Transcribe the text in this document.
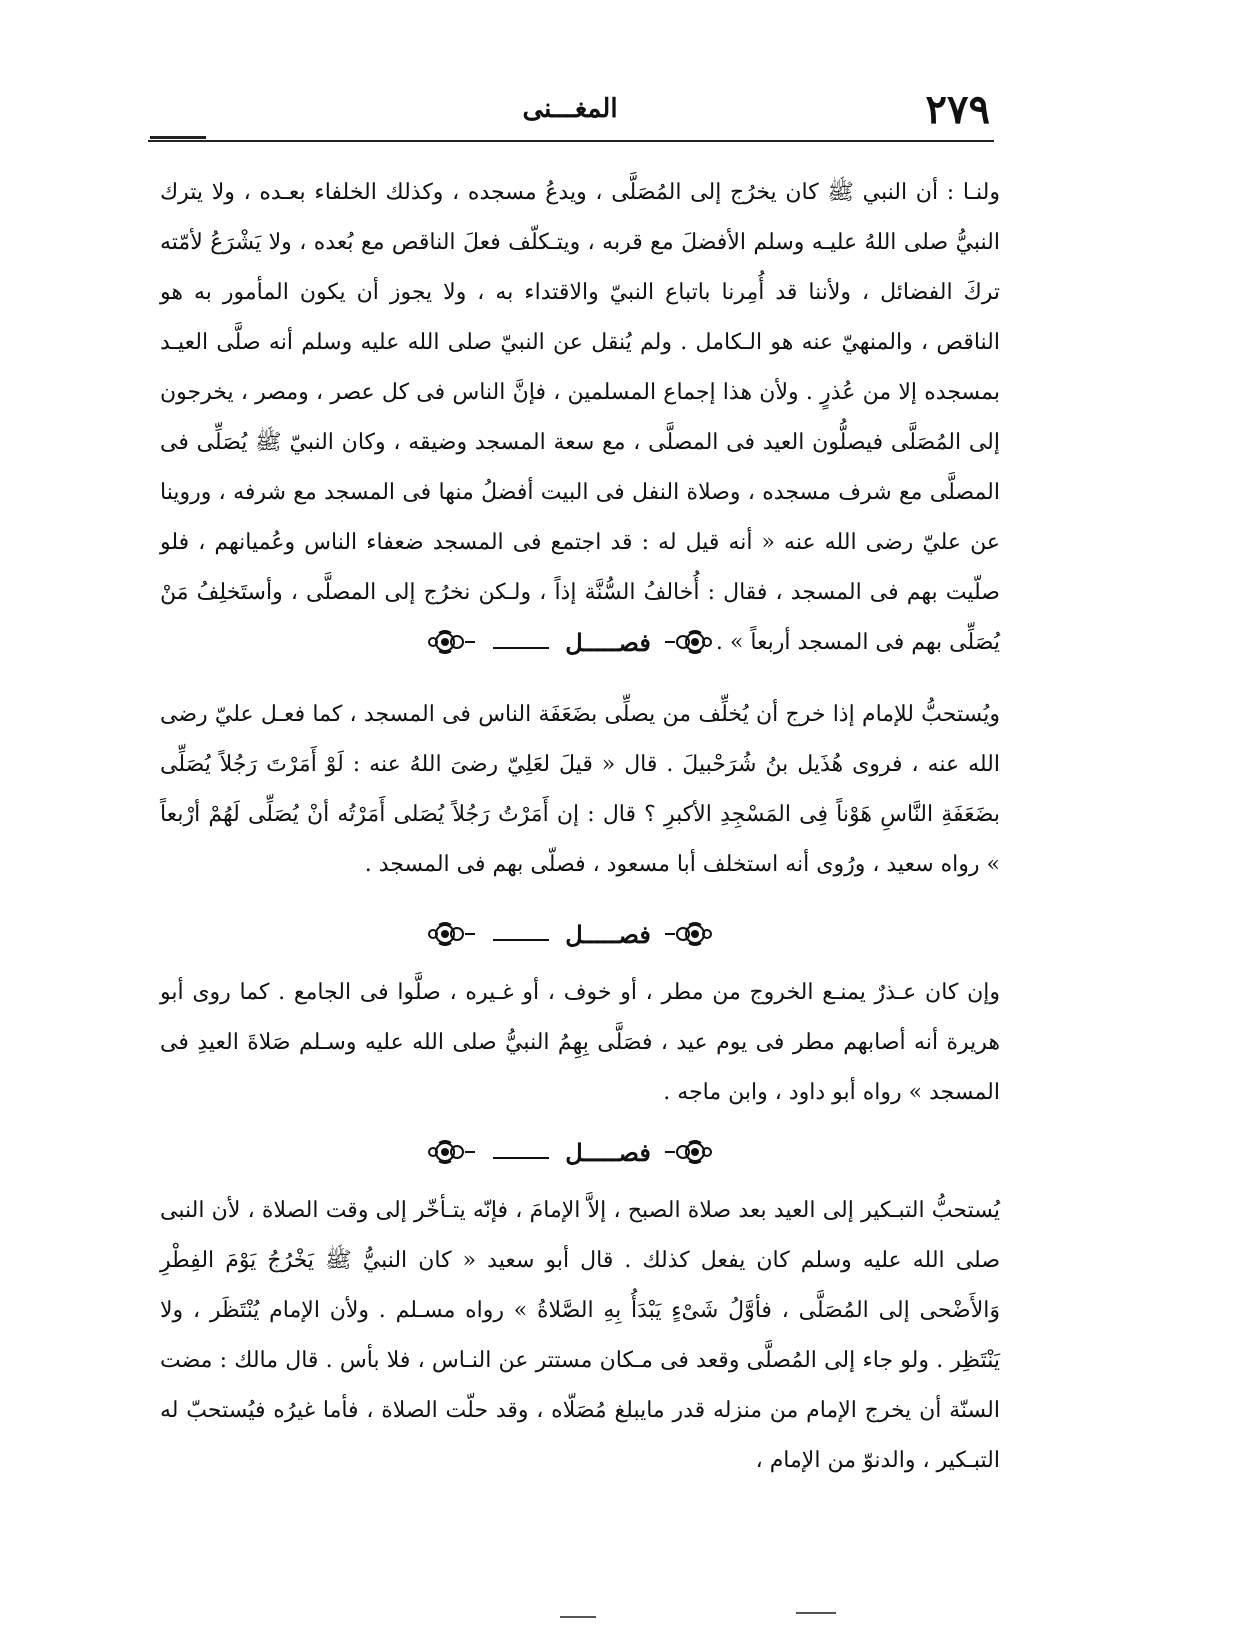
٢٧٩
المغـــنى
ولنـا : أن النبي ﷺ كان يخرُج إلى المُصَلَّى ، ويدعُ مسجده ، وكذلك الخلفاء بعـده ، ولا يترك النبيُّ صلى اللهُ عليـه وسلم الأفضلَ مع قربه ، ويتـكلّف فعلَ الناقص مع بُعده ، ولا يَشْرَعُ لأمّته تركَ الفضائل ، ولأننا قد أُمِرنا باتباع النبيّ والاقتداء به ، ولا يجوز أن يكون المأمور به هو الناقص ، والمنهيّ عنه هو الـكامل . ولم يُنقل عن النبيّ صلى الله عليه وسلم أنه صلَّى العيـد بمسجده إلا من عُذرٍ . ولأن هذا إجماع المسلمين ، فإنَّ الناس فى كل عصر ، ومصر ، يخرجون إلى المُصَلَّى فيصلُّون العيد فى المصلَّى ، مع سعة المسجد وضيقه ، وكان النبيّ ﷺ يُصَلِّى فى المصلَّى مع شرف مسجده ، وصلاة النفل فى البيت أفضلُ منها فى المسجد مع شرفه ، وروينا عن عليّ رضى الله عنه « أنه قيل له : قد اجتمع فى المسجد ضعفاء الناس وعُميانهم ، فلو صلّيت بهم فى المسجد ، فقال : أُخالفُ السُّنَّة إذاً ، ولـكن نخرُج إلى المصلَّى ، وأستَخلِفُ مَنْ يُصَلِّى بهم فى المسجد أربعاً » .
فصـــــل
ويُستحبُّ للإمام إذا خرج أن يُخلِّف من يصلِّى بضَعَفَة الناس فى المسجد ، كما فعـل عليّ رضى الله عنه ، فروى هُذَيل بنُ شُرَحْبيلَ . قال « قيلَ لعَلِيّ رضىَ اللهُ عنه : لَوْ أَمَرْتَ رَجُلاً يُصَلِّى بضَعَفَةِ النَّاسِ هَوْناً فِى المَسْجِدِ الأكبرِ ؟ قال : إن أَمَرْتُ رَجُلاً يُصَلى أَمَرْتُه أنْ يُصَلِّى لَهُمْ أرْبعاً » رواه سعيد ، ورُوى أنه استخلف أبا مسعود ، فصلّى بهم فى المسجد .
فصـــــل
وإن كان عـذرٌ يمنـع الخروج من مطر ، أو خوف ، أو غـيره ، صلَّوا فى الجامع . كما روى أبو هريرة أنه أصابهم مطر فى يوم عيد ، فصَلَّى بِهِمُ النبيُّ صلى الله عليه وسـلم صَلاةَ العيدِ فى المسجد » رواه أبو داود ، وابن ماجه .
فصـــــل
يُستحبُّ التبـكير إلى العيد بعد صلاة الصبح ، إلاَّ الإمامَ ، فإنّه يتـأخّر إلى وقت الصلاة ، لأن النبى صلى الله عليه وسلم كان يفعل كذلك . قال أبو سعيد « كان النبيُّ ﷺ يَخْرُجُ يَوْمَ الفِطْرِ وَالأَضْحى إلى المُصَلَّى ، فأوَّلُ شَىْءٍ يَبْدَأُ بِهِ الصَّلاةُ » رواه مسـلم . ولأن الإمام يُنْتَظَر ، ولا يَنْتَظِر . ولو جاء إلى المُصلَّى وقعد فى مـكان مستتر عن النـاس ، فلا بأس . قال مالك : مضت السنّة أن يخرج الإمام من منزله قدر مايبلغ مُصَلّاه ، وقد حلّت الصلاة ، فأما غيرُه فيُستحبّ له التبـكير ، والدنوّ من الإمام ،
